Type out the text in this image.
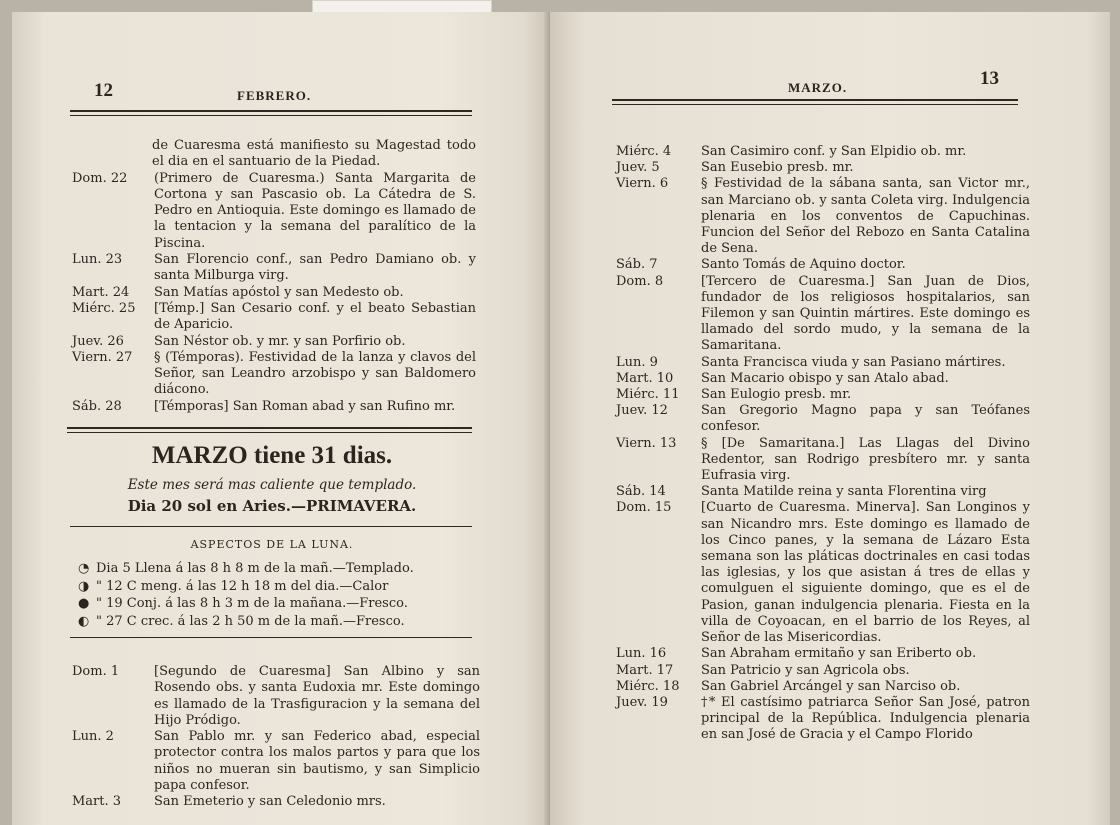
12	FEBRERO.
de Cuaresma está manifiesto su Magestad todo el dia en el santuario de la Piedad.
Dom. 22	(Primero de Cuaresma.) Santa Margarita de Cortona y san Pascasio ob. La Cátedra de S. Pedro en Antioquia. Este domingo es llamado de la tentacion y la semana del paralítico de la Piscina.
Lun. 23	San Florencio conf., san Pedro Damiano ob. y santa Milburga virg.
Mart. 24	San Matías apóstol y san Medesto ob.
Miérc. 25	[Témp.] San Cesario conf. y el beato Sebastian de Aparicio.
Juev. 26	San Néstor ob. y mr. y san Porfirio ob.
Viern. 27	§ (Témporas). Festividad de la lanza y clavos del Señor, san Leandro arzobispo y san Baldomero diácono.
Sáb. 28	[Témporas] San Roman abad y san Rufino mr.
MARZO tiene 31 dias.
Este mes será mas caliente que templado.
Dia 20 sol en Aries.—PRIMAVERA.
ASPECTOS DE LA LUNA.
◔ Dia 5 Llena á las 8 h 8 m de la mañ.—Templado.
◑ " 12 C meng. á las 12 h 18 m del dia.—Calor
● " 19 Conj. á las 8 h 3 m de la mañana.—Fresco.
◐ " 27 C crec. á las 2 h 50 m de la mañ.—Fresco.
Dom. 1	[Segundo de Cuaresma] San Albino y san Rosendo obs. y santa Eudoxia mr. Este domingo es llamado de la Trasfiguracion y la semana del Hijo Pródigo.
Lun. 2	San Pablo mr. y san Federico abad, especial protector contra los malos partos y para que los niños no mueran sin bautismo, y san Simplicio papa confesor.
Mart. 3	San Emeterio y san Celedonio mrs.
MARZO.	13
Miérc. 4	San Casimiro conf. y San Elpidio ob. mr.
Juev. 5	San Eusebio presb. mr.
Viern. 6	§ Festividad de la sábana santa, san Victor mr., san Marciano ob. y santa Coleta virg. Indulgencia plenaria en los conventos de Capuchinas. Funcion del Señor del Rebozo en Santa Catalina de Sena.
Sáb. 7	Santo Tomás de Aquino doctor.
Dom. 8	[Tercero de Cuaresma.] San Juan de Dios, fundador de los religiosos hospitalarios, san Filemon y san Quintin mártires. Este domingo es llamado del sordo mudo, y la semana de la Samaritana.
Lun. 9	Santa Francisca viuda y san Pasiano mártires.
Mart. 10	San Macario obispo y san Atalo abad.
Miérc. 11	San Eulogio presb. mr.
Juev. 12	San Gregorio Magno papa y san Teófanes confesor.
Viern. 13	§ [De Samaritana.] Las Llagas del Divino Redentor, san Rodrigo presbítero mr. y santa Eufrasia virg.
Sáb. 14	Santa Matilde reina y santa Florentina virg
Dom. 15	[Cuarto de Cuaresma. Minerva]. San Longinos y san Nicandro mrs. Este domingo es llamado de los Cinco panes, y la semana de Lázaro Esta semana son las pláticas doctrinales en casi todas las iglesias, y los que asistan á tres de ellas y comulguen el siguiente domingo, que es el de Pasion, ganan indulgencia plenaria. Fiesta en la villa de Coyoacan, en el barrio de los Reyes, al Señor de las Misericordias.
Lun. 16	San Abraham ermitaño y san Eriberto ob.
Mart. 17	San Patricio y san Agricola obs.
Miérc. 18	San Gabriel Arcángel y san Narciso ob.
Juev. 19	†* El castísimo patriarca Señor San José, patron principal de la República. Indulgencia plenaria en san José de Gracia y el Campo Florido
